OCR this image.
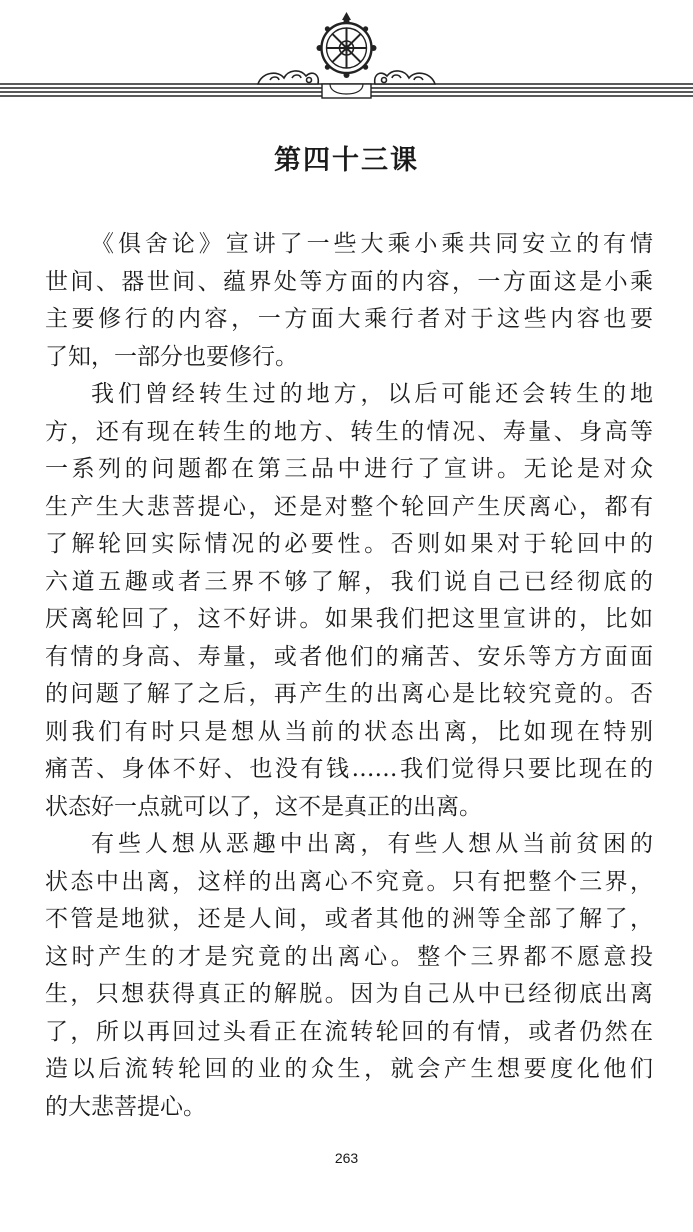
第四十三课
《俱舍论》宣讲了一些大乘小乘共同安立的有情
世间、器世间、蕴界处等方面的内容，一方面这是小乘
主要修行的内容，一方面大乘行者对于这些内容也要
了知，一部分也要修行。
我们曾经转生过的地方，以后可能还会转生的地
方，还有现在转生的地方、转生的情况、寿量、身高等
一系列的问题都在第三品中进行了宣讲。无论是对众
生产生大悲菩提心，还是对整个轮回产生厌离心，都有
了解轮回实际情况的必要性。否则如果对于轮回中的
六道五趣或者三界不够了解，我们说自己已经彻底的
厌离轮回了，这不好讲。如果我们把这里宣讲的，比如
有情的身高、寿量，或者他们的痛苦、安乐等方方面面
的问题了解了之后，再产生的出离心是比较究竟的。否
则我们有时只是想从当前的状态出离，比如现在特别
痛苦、身体不好、也没有钱……我们觉得只要比现在的
状态好一点就可以了，这不是真正的出离。
有些人想从恶趣中出离，有些人想从当前贫困的
状态中出离，这样的出离心不究竟。只有把整个三界，
不管是地狱，还是人间，或者其他的洲等全部了解了，
这时产生的才是究竟的出离心。整个三界都不愿意投
生，只想获得真正的解脱。因为自己从中已经彻底出离
了，所以再回过头看正在流转轮回的有情，或者仍然在
造以后流转轮回的业的众生，就会产生想要度化他们
的大悲菩提心。
263
